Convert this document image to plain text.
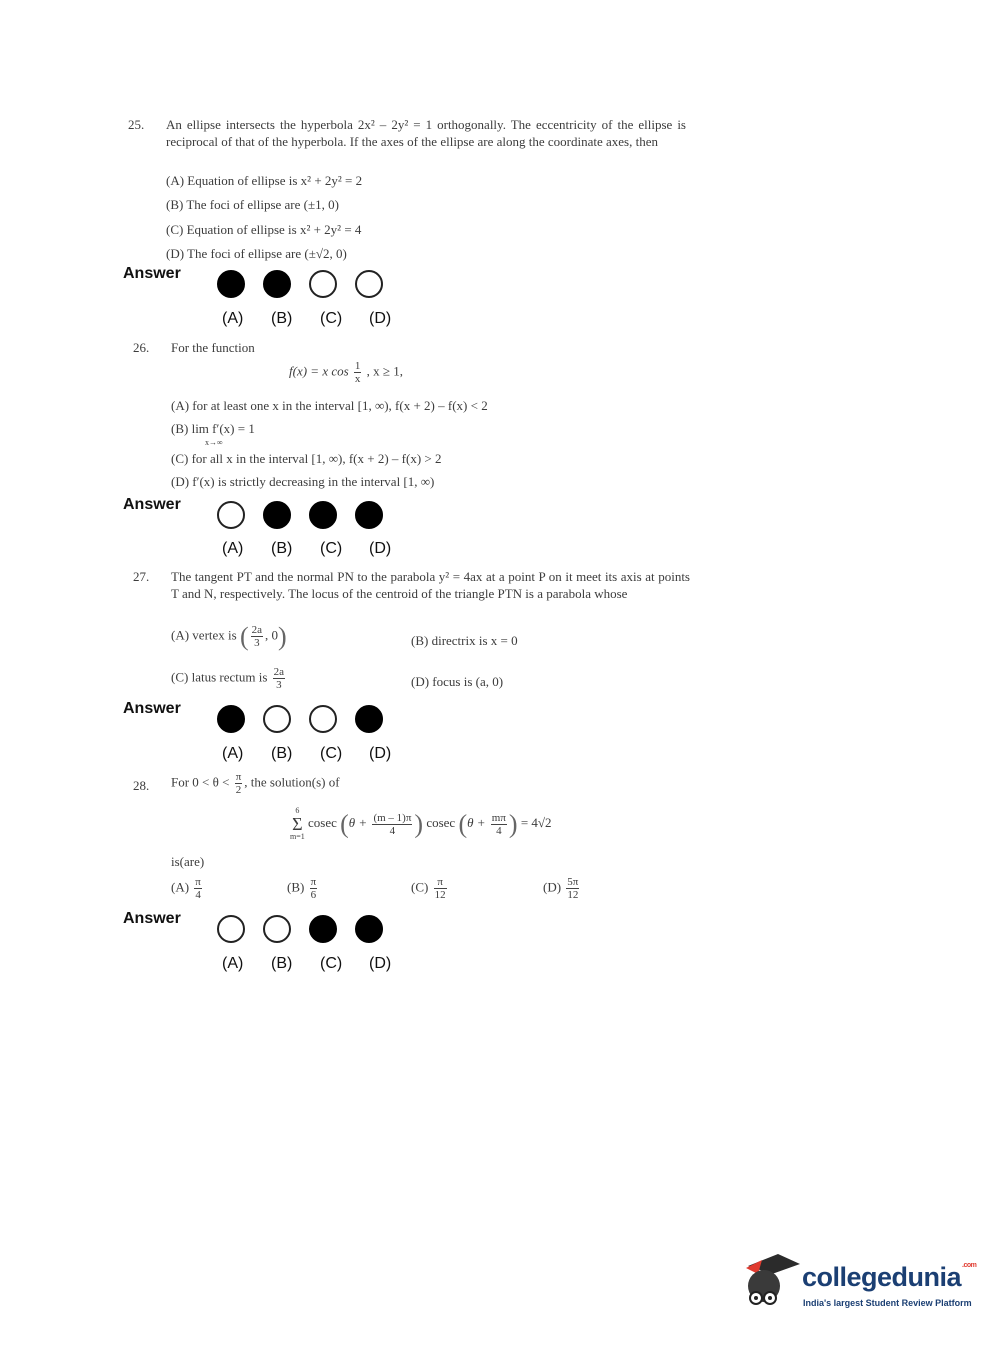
25.	An ellipse intersects the hyperbola 2x² – 2y² = 1 orthogonally. The eccentricity of the ellipse is reciprocal of that of the hyperbola. If the axes of the ellipse are along the coordinate axes, then
(A) Equation of ellipse is x² + 2y² = 2
(B) The foci of ellipse are (±1, 0)
(C) Equation of ellipse is x² + 2y² = 4
(D) The foci of ellipse are (±√2, 0)
Answer
(A)	(B)	(C)	(D)
26.	For the function
f(x) = x $\cos \frac{1}{x}$ , x ≥ 1,
(A) for at least one x in the interval [1, ∞), f(x + 2) – f(x) < 2
(B) lim f′(x) = 1
x→∞
(C) for all x in the interval [1, ∞), f(x + 2) – f(x) > 2
(D) f′(x) is strictly decreasing in the interval [1, ∞)
Answer
(A)	(B)	(C)	(D)
27.	The tangent PT and the normal PN to the parabola y² = 4ax at a point P on it meet its axis at points T and N, respectively. The locus of the centroid of the triangle PTN is a parabola whose
(A) vertex is ( $\frac{2a}{3}$ , 0)	(B) directrix is x = 0
(C) latus rectum is $\frac{2a}{3}$	(D) focus is (a, 0)
Answer
(A)	(B)	(C)	(D)
28.	For $0 < \theta < \frac{\pi}{2}$ , the solution(s) of
6
Σ
m=1
cosec ($\theta + \frac{(m - 1)\pi}{4}$ ) cosec ($\theta + \frac{m\pi}{4}$ ) = 4√2
is(are)
$(A) \frac{\pi}{4}$	$(B) \frac{\pi}{6}$	$(C) \frac{\pi}{12}$	$(D) \frac{5\pi}{12}$
Answer
(A)	(B)	(C)	(D)
collegedunia$^{.com}$
India's largest Student Review Platform
